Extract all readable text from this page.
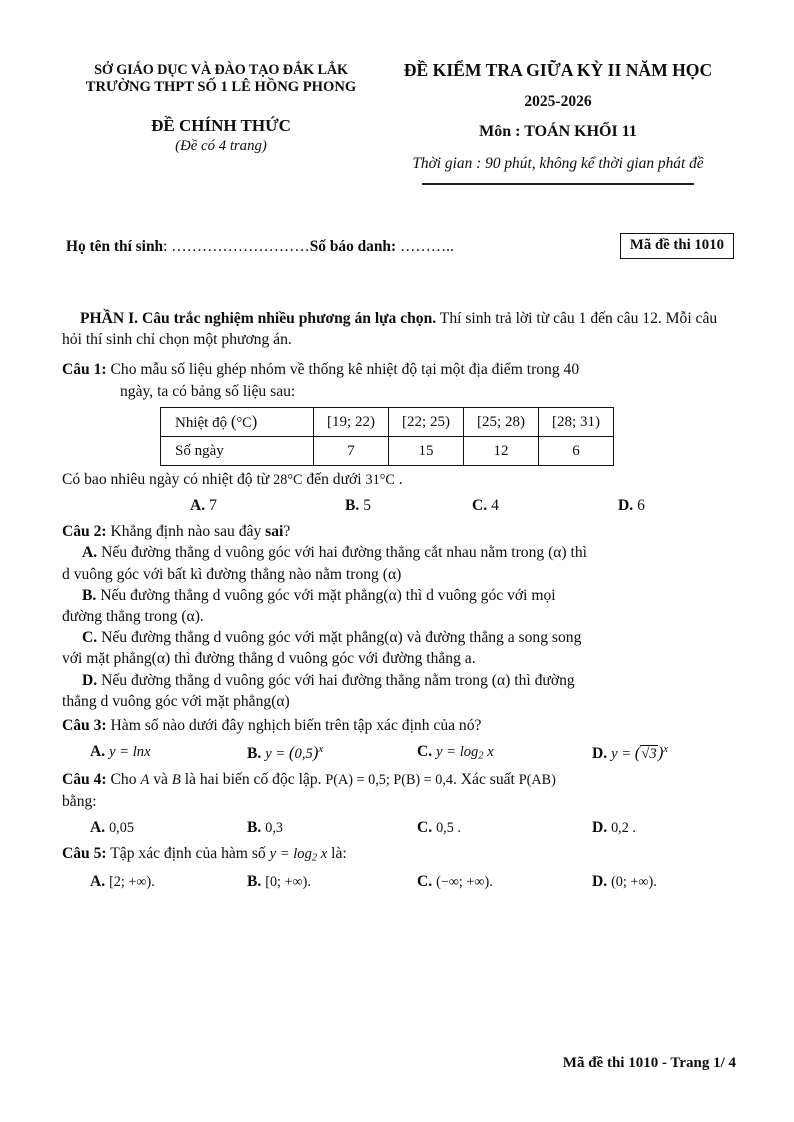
SỞ GIÁO DỤC VÀ ĐÀO TẠO ĐẮK LẮK
TRƯỜNG THPT SỐ 1 LÊ HỒNG PHONG
ĐỀ CHÍNH THỨC
(Đề có 4 trang)
ĐỀ KIỂM TRA GIỮA KỲ II NĂM HỌC
2025-2026
Môn : TOÁN KHỐI 11
Thời gian : 90 phút, không kể thời gian phát đề
Họ tên thí sinh: ………………………Số báo danh: ………..	Mã đề thi 1010
PHẦN I. Câu trắc nghiệm nhiều phương án lựa chọn. Thí sinh trả lời từ câu 1 đến câu 12. Mỗi câu hỏi thí sinh chỉ chọn một phương án.
Câu 1: Cho mẫu số liệu ghép nhóm về thống kê nhiệt độ tại một địa điểm trong 40
ngày, ta có bảng số liệu sau:
Nhiệt độ (°C)	[19; 22)	[22; 25)	[25; 28)	[28; 31)
Số ngày	7	15	12	6
Có bao nhiêu ngày có nhiệt độ từ 28°C đến dưới 31°C .
A. 7	B. 5	C. 4	D. 6
Câu 2: Khẳng định nào sau đây sai?
A. Nếu đường thẳng d vuông góc với hai đường thẳng cắt nhau nằm trong (α) thì
d vuông góc với bất kì đường thẳng nào nằm trong (α)
B. Nếu đường thẳng d vuông góc với mặt phẳng(α) thì d vuông góc với mọi
đường thẳng trong (α).
C. Nếu đường thẳng d vuông góc với mặt phẳng(α) và đường thẳng a song song
với mặt phẳng(α) thì đường thẳng d vuông góc với đường thẳng a.
D. Nếu đường thẳng d vuông góc với hai đường thẳng nằm trong (α) thì đường
thẳng d vuông góc với mặt phẳng(α)
Câu 3: Hàm số nào dưới đây nghịch biến trên tập xác định của nó?
A. y = lnx	B. $y = (0,5)^x$	C. y = log2 x	D. $y = (√3)^x$
Câu 4: Cho A và B là hai biến cố độc lập. P(A) = 0,5; P(B) = 0,4. Xác suất P(AB)
bằng:
A. 0,05	B. 0,3	C. 0,5 .	D. 0,2 .
Câu 5: Tập xác định của hàm số y = log2 x là:
A. [2; +∞).	B. [0; +∞).	C. (−∞; +∞).	D. (0; +∞).
Mã đề thi 1010 - Trang 1/ 4
